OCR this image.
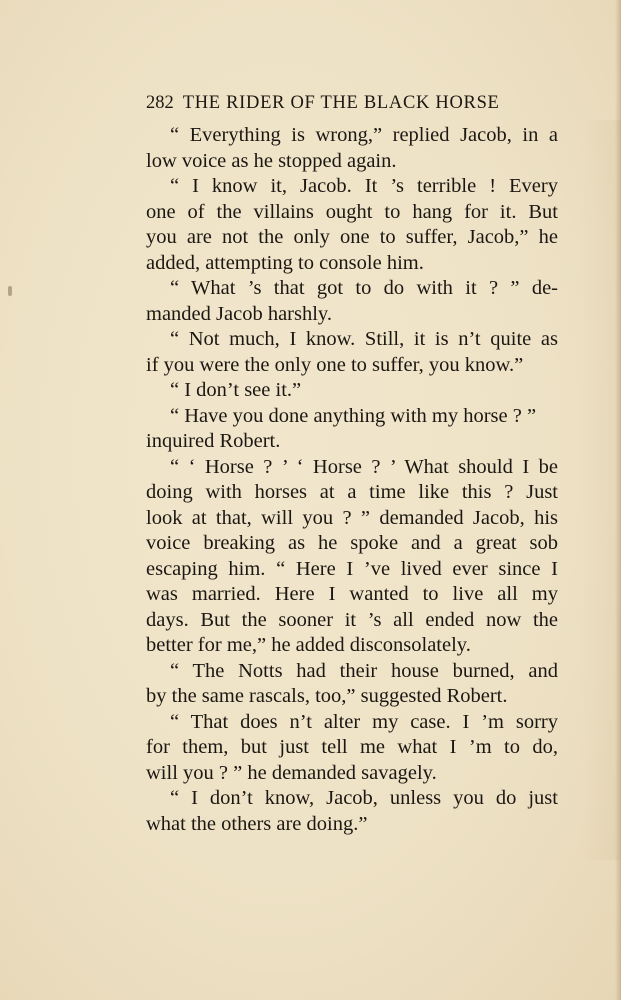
282 THE RIDER OF THE BLACK HORSE
“ Everything is wrong,” replied Jacob, in a
low voice as he stopped again.
“ I know it, Jacob. It ’s terrible ! Every
one of the villains ought to hang for it. But
you are not the only one to suffer, Jacob,” he
added, attempting to console him.
“ What ’s that got to do with it ? ” de-
manded Jacob harshly.
“ Not much, I know. Still, it is n’t quite as
if you were the only one to suffer, you know.”
“ I don’t see it.”
“ Have you done anything with my horse ? ”
inquired Robert.
“ ‘ Horse ? ’ ‘ Horse ? ’ What should I be
doing with horses at a time like this ? Just
look at that, will you ? ” demanded Jacob, his
voice breaking as he spoke and a great sob
escaping him. “ Here I ’ve lived ever since I
was married. Here I wanted to live all my
days. But the sooner it ’s all ended now the
better for me,” he added disconsolately.
“ The Notts had their house burned, and
by the same rascals, too,” suggested Robert.
“ That does n’t alter my case. I ’m sorry
for them, but just tell me what I ’m to do,
will you ? ” he demanded savagely.
“ I don’t know, Jacob, unless you do just
what the others are doing.”
